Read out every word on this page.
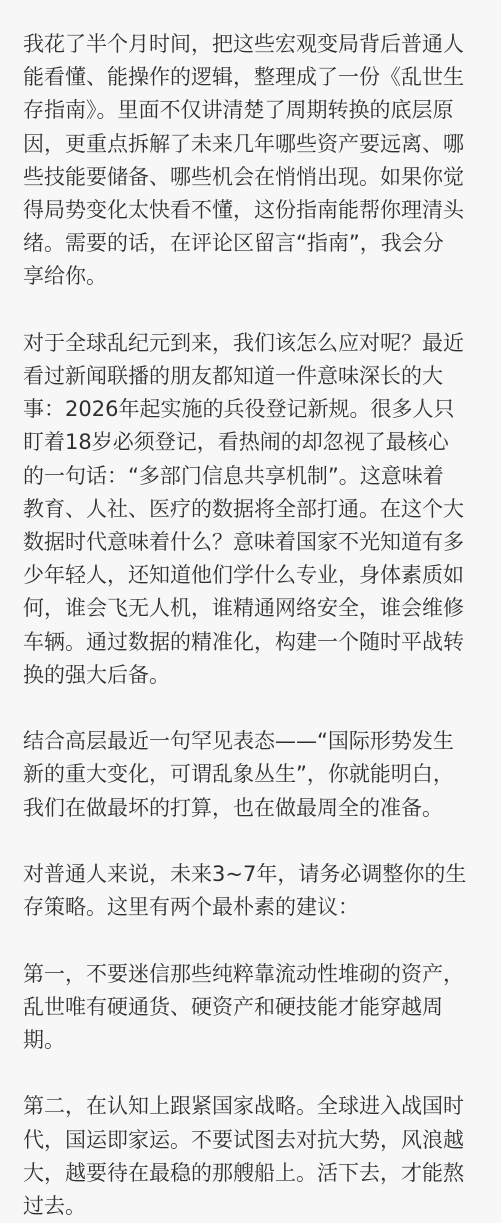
我花了半个月时间，把这些宏观变局背后普通人
能看懂、能操作的逻辑，整理成了一份《乱世生
存指南》。里面不仅讲清楚了周期转换的底层原
因，更重点拆解了未来几年哪些资产要远离、哪
些技能要储备、哪些机会在悄悄出现。如果你觉
得局势变化太快看不懂，这份指南能帮你理清头
绪。需要的话，在评论区留言“指南”，我会分
享给你。

对于全球乱纪元到来，我们该怎么应对呢？最近
看过新闻联播的朋友都知道一件意味深长的大
事：2026年起实施的兵役登记新规。很多人只
盯着18岁必须登记，看热闹的却忽视了最核心
的一句话：“多部门信息共享机制”。这意味着
教育、人社、医疗的数据将全部打通。在这个大
数据时代意味着什么？意味着国家不光知道有多
少年轻人，还知道他们学什么专业，身体素质如
何，谁会飞无人机，谁精通网络安全，谁会维修
车辆。通过数据的精准化，构建一个随时平战转
换的强大后备。

结合高层最近一句罕见表态——“国际形势发生
新的重大变化，可谓乱象丛生”，你就能明白，
我们在做最坏的打算，也在做最周全的准备。

对普通人来说，未来3~7年，请务必调整你的生
存策略。这里有两个最朴素的建议：

第一，不要迷信那些纯粹靠流动性堆砌的资产，
乱世唯有硬通货、硬资产和硬技能才能穿越周
期。

第二，在认知上跟紧国家战略。全球进入战国时
代，国运即家运。不要试图去对抗大势，风浪越
大，越要待在最稳的那艘船上。活下去，才能熬
过去。
